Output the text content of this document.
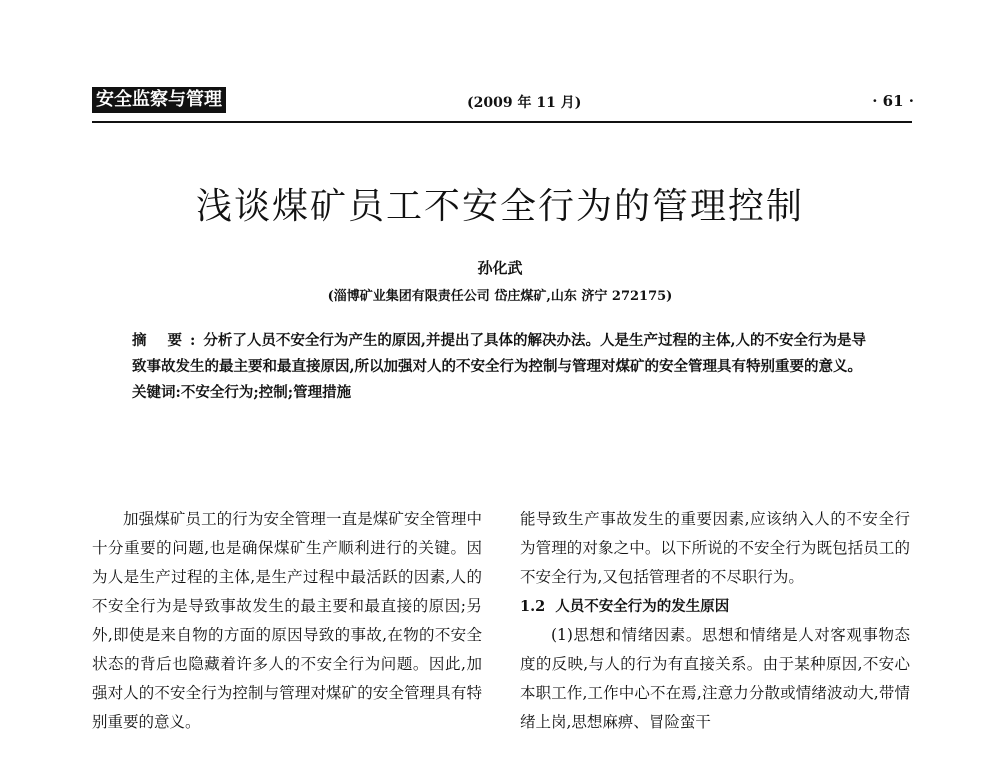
安全监察与管理	(2009 年 11 月)	· 61 ·
浅谈煤矿员工不安全行为的管理控制
孙化武
(淄博矿业集团有限责任公司 岱庄煤矿,山东 济宁 272175)
摘 要:分析了人员不安全行为产生的原因,并提出了具体的解决办法。人是生产过程的主体,人的不安全行为是导致事故发生的最主要和最直接原因,所以加强对人的不安全行为控制与管理对煤矿的安全管理具有特别重要的意义。
关键词:不安全行为;控制;管理措施

加强煤矿员工的行为安全管理一直是煤矿安全管理中十分重要的问题,也是确保煤矿生产顺利进行的关键。因为人是生产过程的主体,是生产过程中最活跃的因素,人的不安全行为是导致事故发生的最主要和最直接的原因;另外,即使是来自物的方面的原因导致的事故,在物的不安全状态的背后也隐藏着许多人的不安全行为问题。因此,加强对人的不安全行为控制与管理对煤矿的安全管理具有特别重要的意义。

能导致生产事故发生的重要因素,应该纳入人的不安全行为管理的对象之中。以下所说的不安全行为既包括员工的不安全行为,又包括管理者的不尽职行为。

1.2 人员不安全行为的发生原因

(1)思想和情绪因素。思想和情绪是人对客观事物态度的反映,与人的行为有直接关系。由于某种原因,不安心本职工作,工作中心不在焉,注意力分散或情绪波动大,带情绪上岗,思想麻痹、冒险蛮干
